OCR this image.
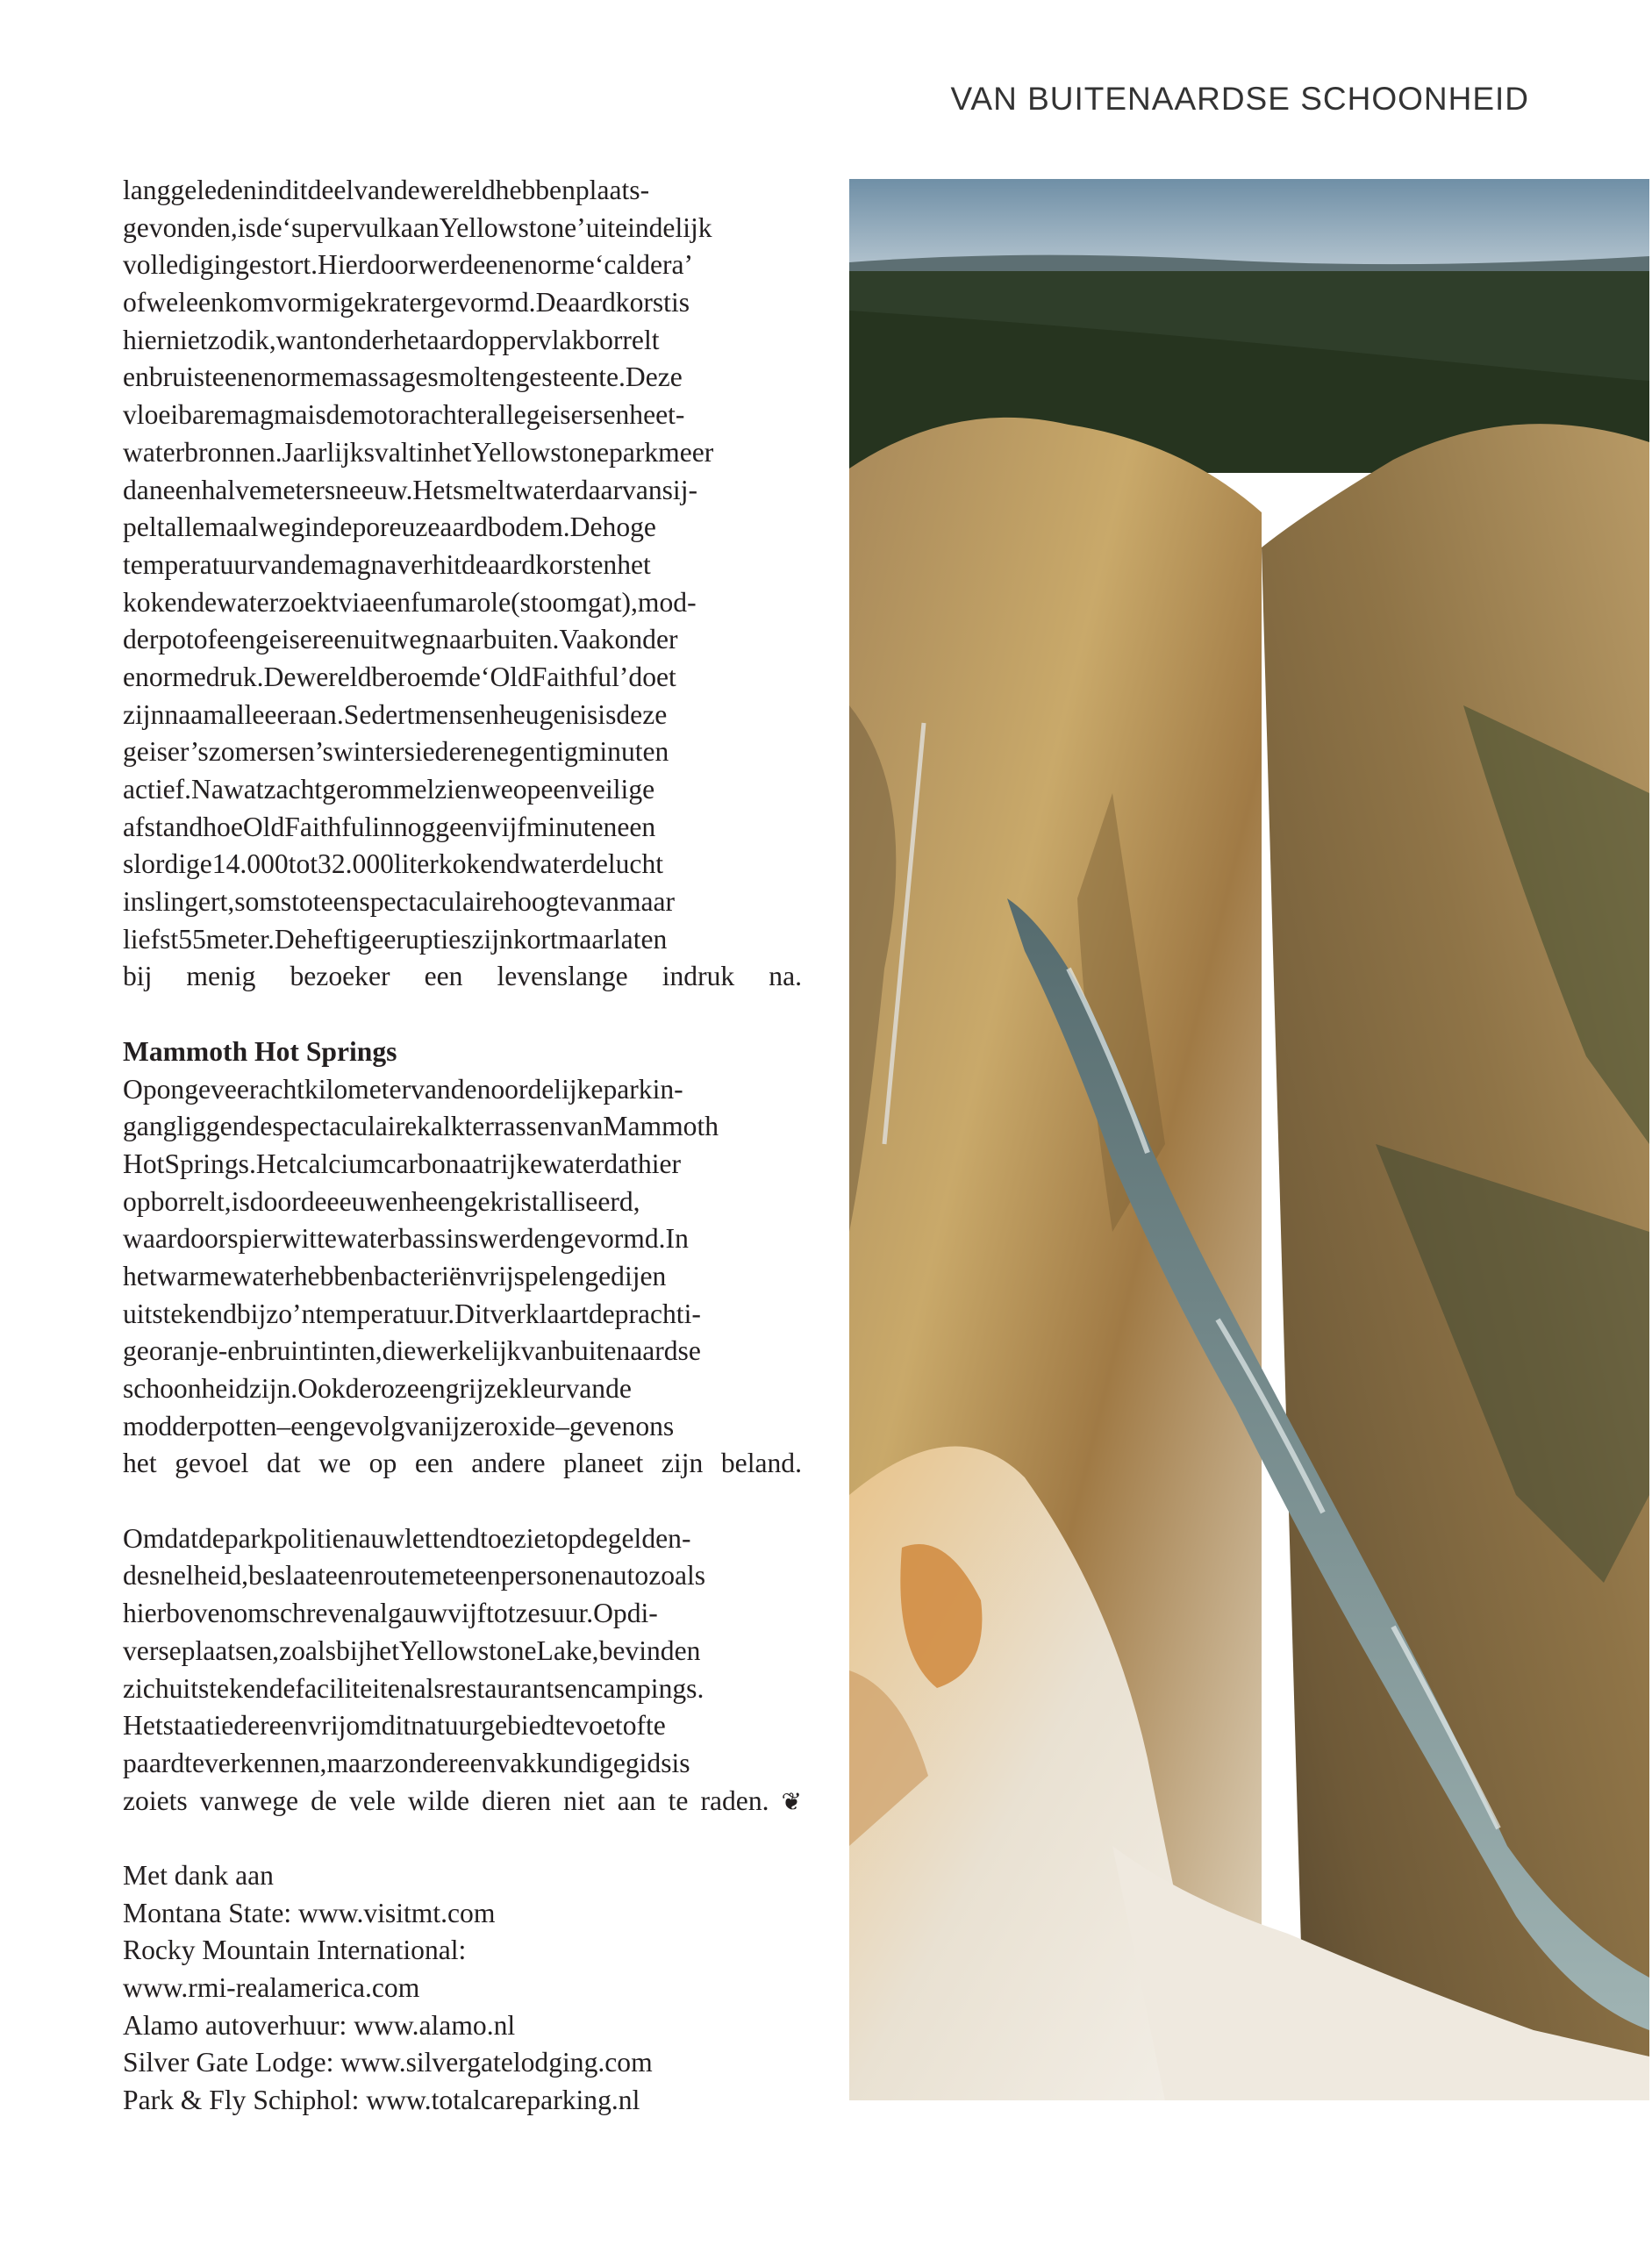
VAN BUITENAARDSE SCHOONHEID
langgeledeninditdeelvandewereldhebbenplaats-
gevonden,isde‘supervulkaanYellowstone’uiteindelijk
volledigingestort.Hierdoorwerdeenenorme‘caldera’
ofweleenkomvormigekratergevormd.Deaardkorstis
hiernietzodik,wantonderhetaardoppervlakborrelt
enbruisteenenormemassagesmoltengesteente.Deze
vloeibaremagmaisdemotorachterallegeisersenheet-
waterbronnen.JaarlijksvaltinhetYellowstoneparkmeer
daneenhalvemetersneeuw.Hetsmeltwaterdaarvansij-
peltallemaalwegindeporeuzeaardbodem.Dehoge
temperatuurvandemagnaverhitdeaardkorstenhet
kokendewaterzoektviaeenfumarole(stoomgat),mod-
derpotofeengeisereenuitwegnaarbuiten.Vaakonder
enormedruk.Dewereldberoemde‘OldFaithful’doet
zijnnaamalleeeraan.Sedertmensenheugenisisdeze
geiser’szomersen’swintersiederenegentigminuten
actief.Nawatzachtgerommelzienweopeenveilige
afstandhoeOldFaithfulinnoggeenvijfminuteneen
slordige14.000tot32.000literkokendwaterdelucht
inslingert,somstoteenspectaculairehoogtevanmaar
liefst55meter.Deheftigeeruptieszijnkortmaarlaten
bij menig bezoeker een levenslange indruk na.
Mammoth Hot Springs
Opongeveerachtkilometervandenoordelijkeparkin-
gangliggendespectaculairekalkterrassenvanMammoth
HotSprings.Hetcalciumcarbonaatrijkewaterdathier
opborrelt,isdoordeeeuwenheengekristalliseerd,
waardoorspierwittewaterbassinswerdengevormd.In
hetwarmewaterhebbenbacteriënvrijspelengedijen
uitstekendbijzo’ntemperatuur.Ditverklaartdeprachti-
georanje-enbruintinten,diewerkelijkvanbuitenaardse
schoonheidzijn.Ookderozeengrijzekleurvande
modderpotten–eengevolgvanijzeroxide–gevenons
het gevoel dat we op een andere planeet zijn beland.
Omdatdeparkpolitienauwlettendtoezietopdegelden-
desnelheid,beslaateenroutemeteenpersonenautozoals
hierbovenomschrevenalgauwvijftotzesuur.Opdi-
verseplaatsen,zoalsbijhetYellowstoneLake,bevinden
zichuitstekendefaciliteitenalsrestaurantsencampings.
Hetstaatiedereenvrijomditnatuurgebiedtevoetofte
paardteverkennen,maarzondereenvakkundigegidsis
zoiets vanwege de vele wilde dieren niet aan te raden. ❦
Met dank aan
Montana State: www.visitmt.com
Rocky Mountain International:
www.rmi-realamerica.com
Alamo autoverhuur: www.alamo.nl
Silver Gate Lodge: www.silvergatelodging.com
Park & Fly Schiphol: www.totalcareparking.nl
